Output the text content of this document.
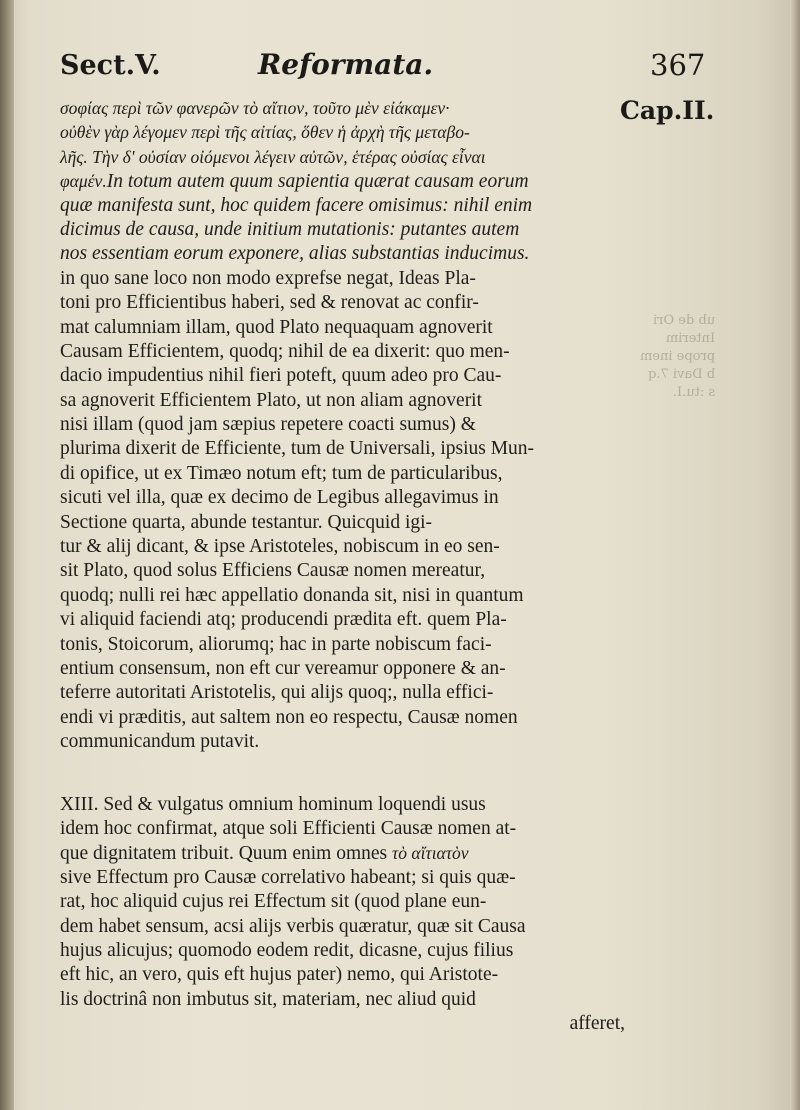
Sect.V.	Reformata.	367
Cap.II.
ub de Ori
Interim
prope inem
b Davi 7.q
s :tu.I.
σοφίας περὶ τῶν φανερῶν τὸ αἴτιον, τοῦτο μὲν εἰάκαμεν·
οὐθὲν γὰρ λέγομεν περὶ τῆς αἰτίας, ὅθεν ἡ ἀρχὴ τῆς μεταβο-
λῆς. Τὴν δ' οὐσίαν οἰόμενοι λέγειν αὐτῶν, ἑτέρας οὐσίας εἶναι
φαμέν.In totum autem quum sapientia quærat causam eorum
quæ manifesta sunt, hoc quidem facere omisimus: nihil enim
dicimus de causa, unde initium mutationis: putantes autem
nos essentiam eorum exponere, alias substantias inducimus.
in quo sane loco non modo exprefse negat, Ideas Pla-
toni pro Efficientibus haberi, sed & renovat ac confir-
mat calumniam illam, quod Plato nequaquam agnoverit
Causam Efficientem, quodq; nihil de ea dixerit: quo men-
dacio impudentius nihil fieri poteft, quum adeo pro Cau-
sa agnoverit Efficientem Plato, ut non aliam agnoverit
nisi illam (quod jam sæpius repetere coacti sumus) &
plurima dixerit de Efficiente, tum de Universali, ipsius Mun-
di opifice, ut ex Timæo notum eft; tum de particularibus,
sicuti vel illa, quæ ex decimo de Legibus allegavimus in
Sectione quarta, abunde testantur. Quicquid igi-
tur & alij dicant, & ipse Aristoteles, nobiscum in eo sen-
sit Plato, quod solus Efficiens Causæ nomen mereatur,
quodq; nulli rei hæc appellatio donanda sit, nisi in quantum
vi aliquid faciendi atq; producendi prædita eft. quem Pla-
tonis, Stoicorum, aliorumq; hac in parte nobiscum faci-
entium consensum, non eft cur vereamur opponere & an-
teferre autoritati Aristotelis, qui alijs quoq;, nulla effici-
endi vi præditis, aut saltem non eo respectu, Causæ nomen
communicandum putavit.
XIII. Sed & vulgatus omnium hominum loquendi usus
idem hoc confirmat, atque soli Efficienti Causæ nomen at-
que dignitatem tribuit. Quum enim omnes τὸ αἴτιατὸν
sive Effectum pro Causæ correlativo habeant; si quis quæ-
rat, hoc aliquid cujus rei Effectum sit (quod plane eun-
dem habet sensum, acsi alijs verbis quæratur, quæ sit Causa
hujus alicujus; quomodo eodem redit, dicasne, cujus filius
eft hic, an vero, quis eft hujus pater) nemo, qui Aristote-
lis doctrinâ non imbutus sit, materiam, nec aliud quid
afferet,
